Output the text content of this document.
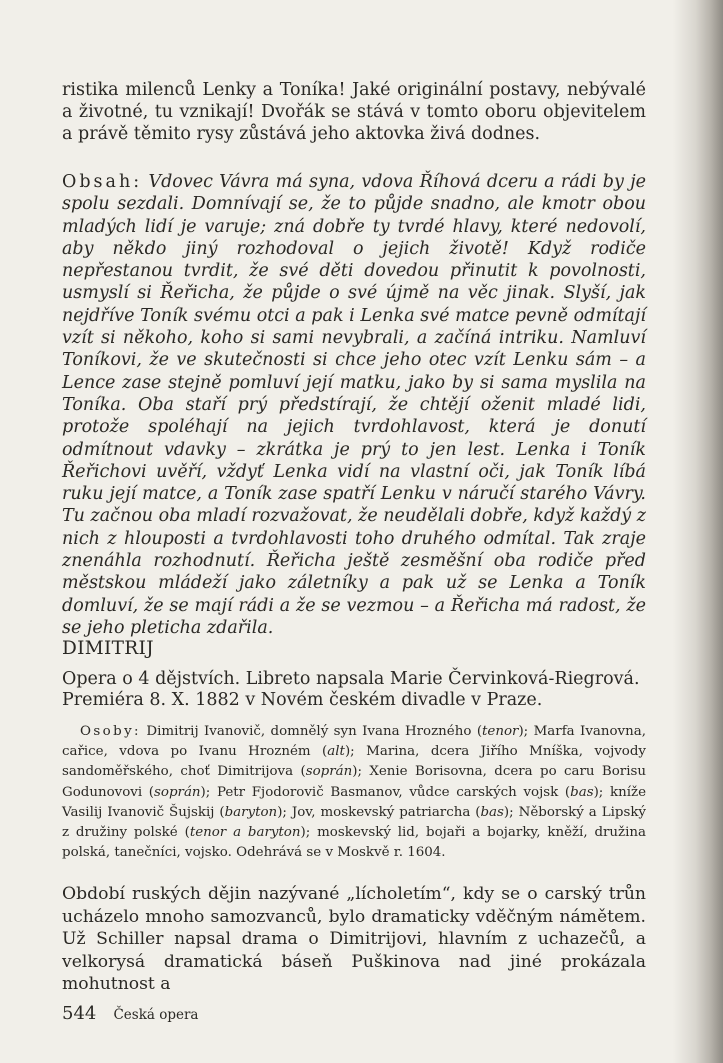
ristika milenců Lenky a Toníka! Jaké originální postavy, nebývalé a životné, tu vznikají! Dvořák se stává v tomto oboru objevitelem a právě těmito rysy zůstává jeho aktovka živá dodnes.

Obsah: Vdovec Vávra má syna, vdova Říhová dceru a rádi by je spolu sezdali. Domnívají se, že to půjde snadno, ale kmotr obou mladých lidí je varuje; zná dobře ty tvrdé hlavy, které nedovolí, aby někdo jiný rozhodoval o jejich životě! Když rodiče nepřestanou tvrdit, že své děti dovedou přinutit k povolnosti, usmyslí si Řeřicha, že půjde o své újmě na věc jinak. Slyší, jak nejdříve Toník svému otci a pak i Lenka své matce pevně odmítají vzít si někoho, koho si sami nevybrali, a začíná intriku. Namluví Toníkovi, že ve skutečnosti si chce jeho otec vzít Lenku sám – a Lence zase stejně pomluví její matku, jako by si sama myslila na Toníka. Oba staří prý předstírají, že chtějí oženit mladé lidi, protože spoléhají na jejich tvrdohlavost, která je donutí odmítnout vdavky – zkrátka je prý to jen lest. Lenka i Toník Řeřichovi uvěří, vždyť Lenka vidí na vlastní oči, jak Toník líbá ruku její matce, a Toník zase spatří Lenku v náručí starého Vávry. Tu začnou oba mladí rozvažovat, že neudělali dobře, když každý z nich z hlouposti a tvrdohlavosti toho druhého odmítal. Tak zraje znenáhla rozhodnutí. Řeřicha ještě zesměšní oba rodiče před městskou mládeží jako záletníky a pak už se Lenka a Toník domluví, že se mají rádi a že se vezmou – a Řeřicha má radost, že se jeho pleticha zdařila.

DIMITRIJ

Opera o 4 dějstvích. Libreto napsala Marie Červinková-Riegrová.

Premiéra 8. X. 1882 v Novém českém divadle v Praze.

Osoby: Dimitrij Ivanovič, domnělý syn Ivana Hrozného (tenor); Marfa Ivanovna, cařice, vdova po Ivanu Hrozném (alt); Marina, dcera Jiřího Mníška, vojvody sandoměřského, choť Dimitrijova (soprán); Xenie Borisovna, dcera po caru Borisu Godunovovi (soprán); Petr Fjodorovič Basmanov, vůdce carských vojsk (bas); kníže Vasilij Ivanovič Šujskij (baryton); Jov, moskevský patriarcha (bas); Něborský a Lipský z družiny polské (tenor a baryton); moskevský lid, bojaři a bojarky, kněží, družina polská, tanečníci, vojsko. Odehrává se v Moskvě r. 1604.

Období ruských dějin nazývané „lícholetím“, kdy se o carský trůn ucházelo mnoho samozvanců, bylo dramaticky vděčným námětem. Už Schiller napsal drama o Dimitrijovi, hlavním z uchazečů, a velkorysá dramatická báseň Puškinova nad jiné prokázala mohutnost a

544 Česká opera
